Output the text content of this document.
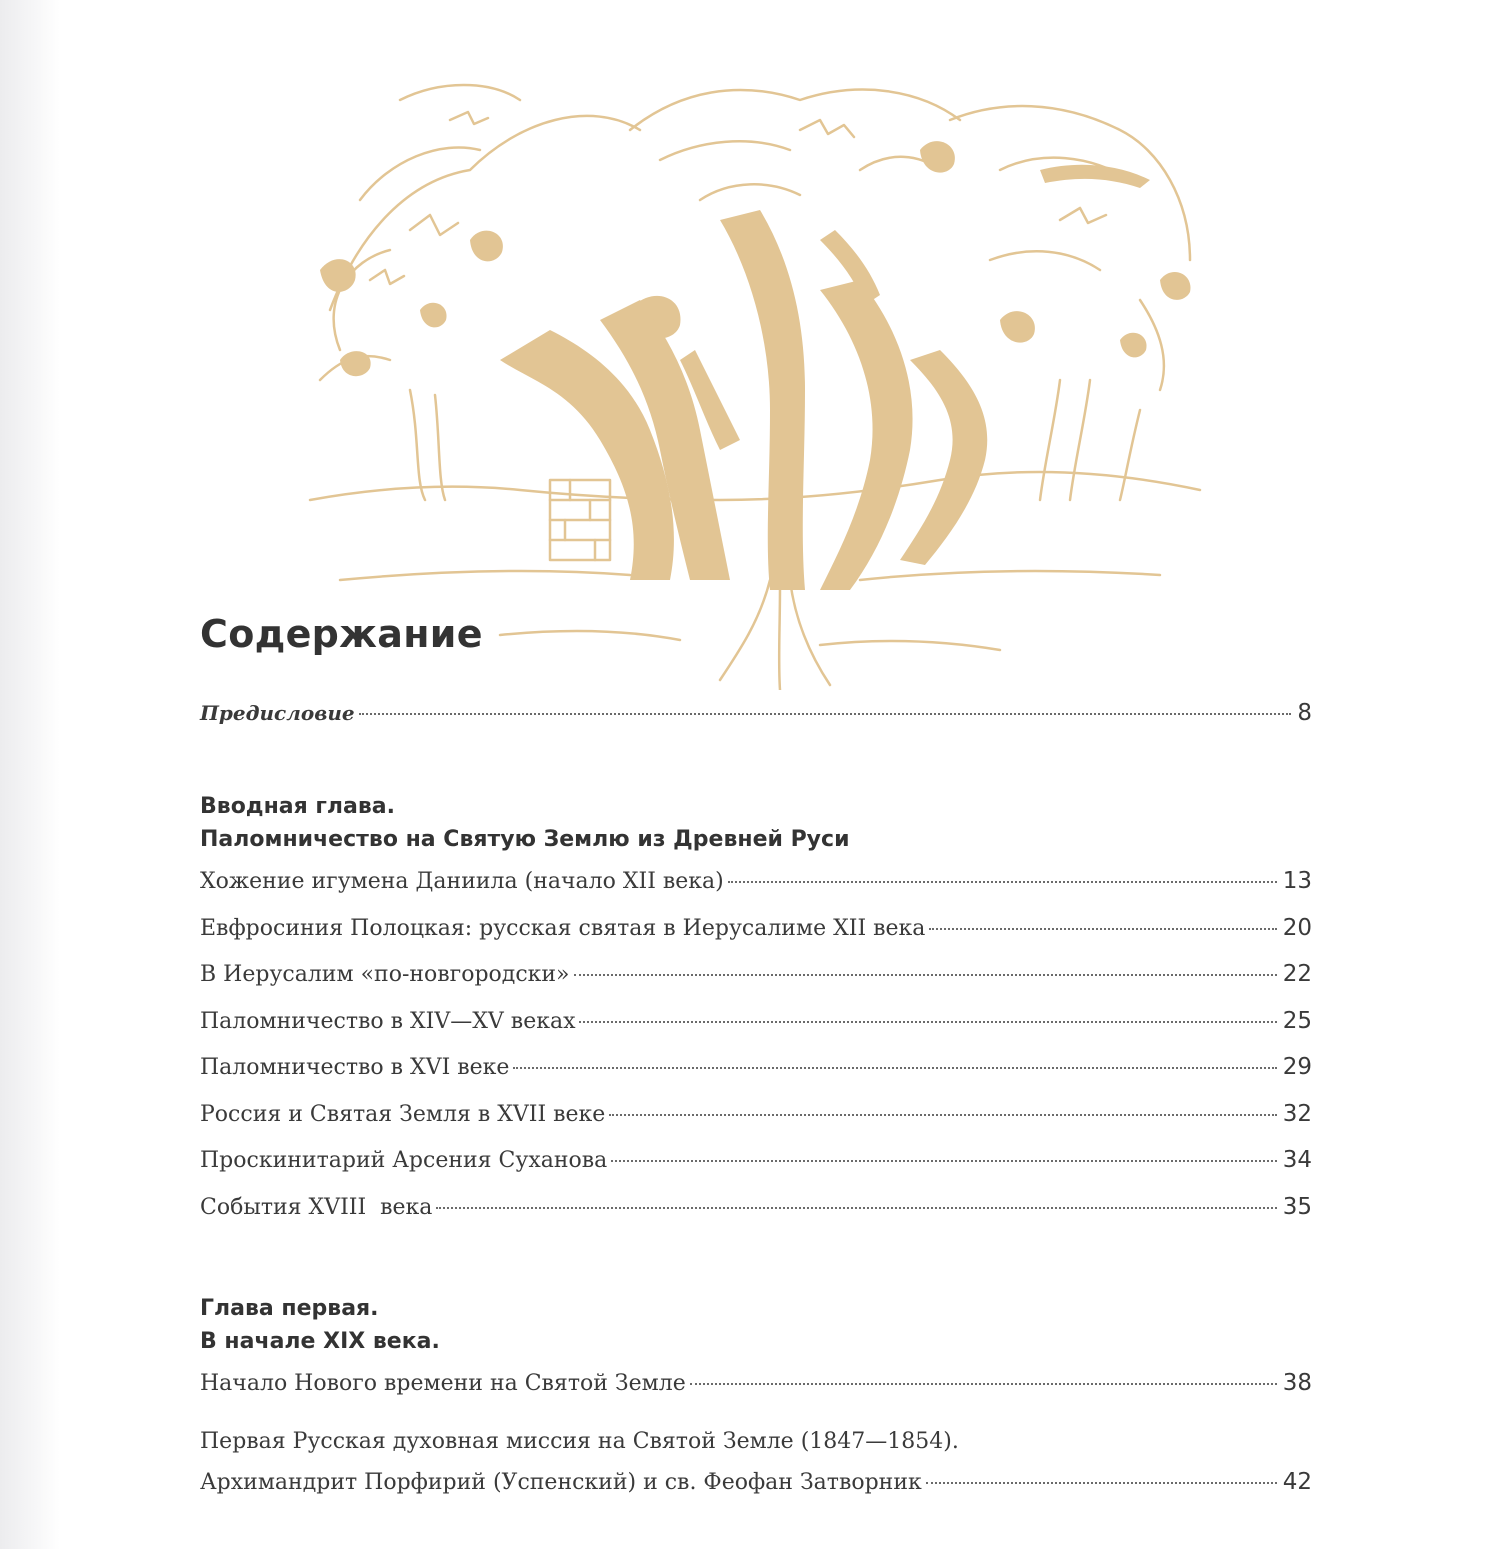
Содержание
Предисловие	8
Вводная глава.
Паломничество на Святую Землю из Древней Руси
Хожение игумена Даниила (начало XII века)	13
Евфросиния Полоцкая: русская святая в Иерусалиме XII века	20
В Иерусалим «по-новгородски»	22
Паломничество в XIV—XV веках	25
Паломничество в XVI веке	29
Россия и Святая Земля в XVII веке	32
Проскинитарий Арсения Суханова	34
События XVIII  века	35
Глава первая.
В начале XIX века.
Начало Нового времени на Святой Земле	38
Первая Русская духовная миссия на Святой Земле (1847—1854).
Архимандрит Порфирий (Успенский) и св. Феофан Затворник	42
